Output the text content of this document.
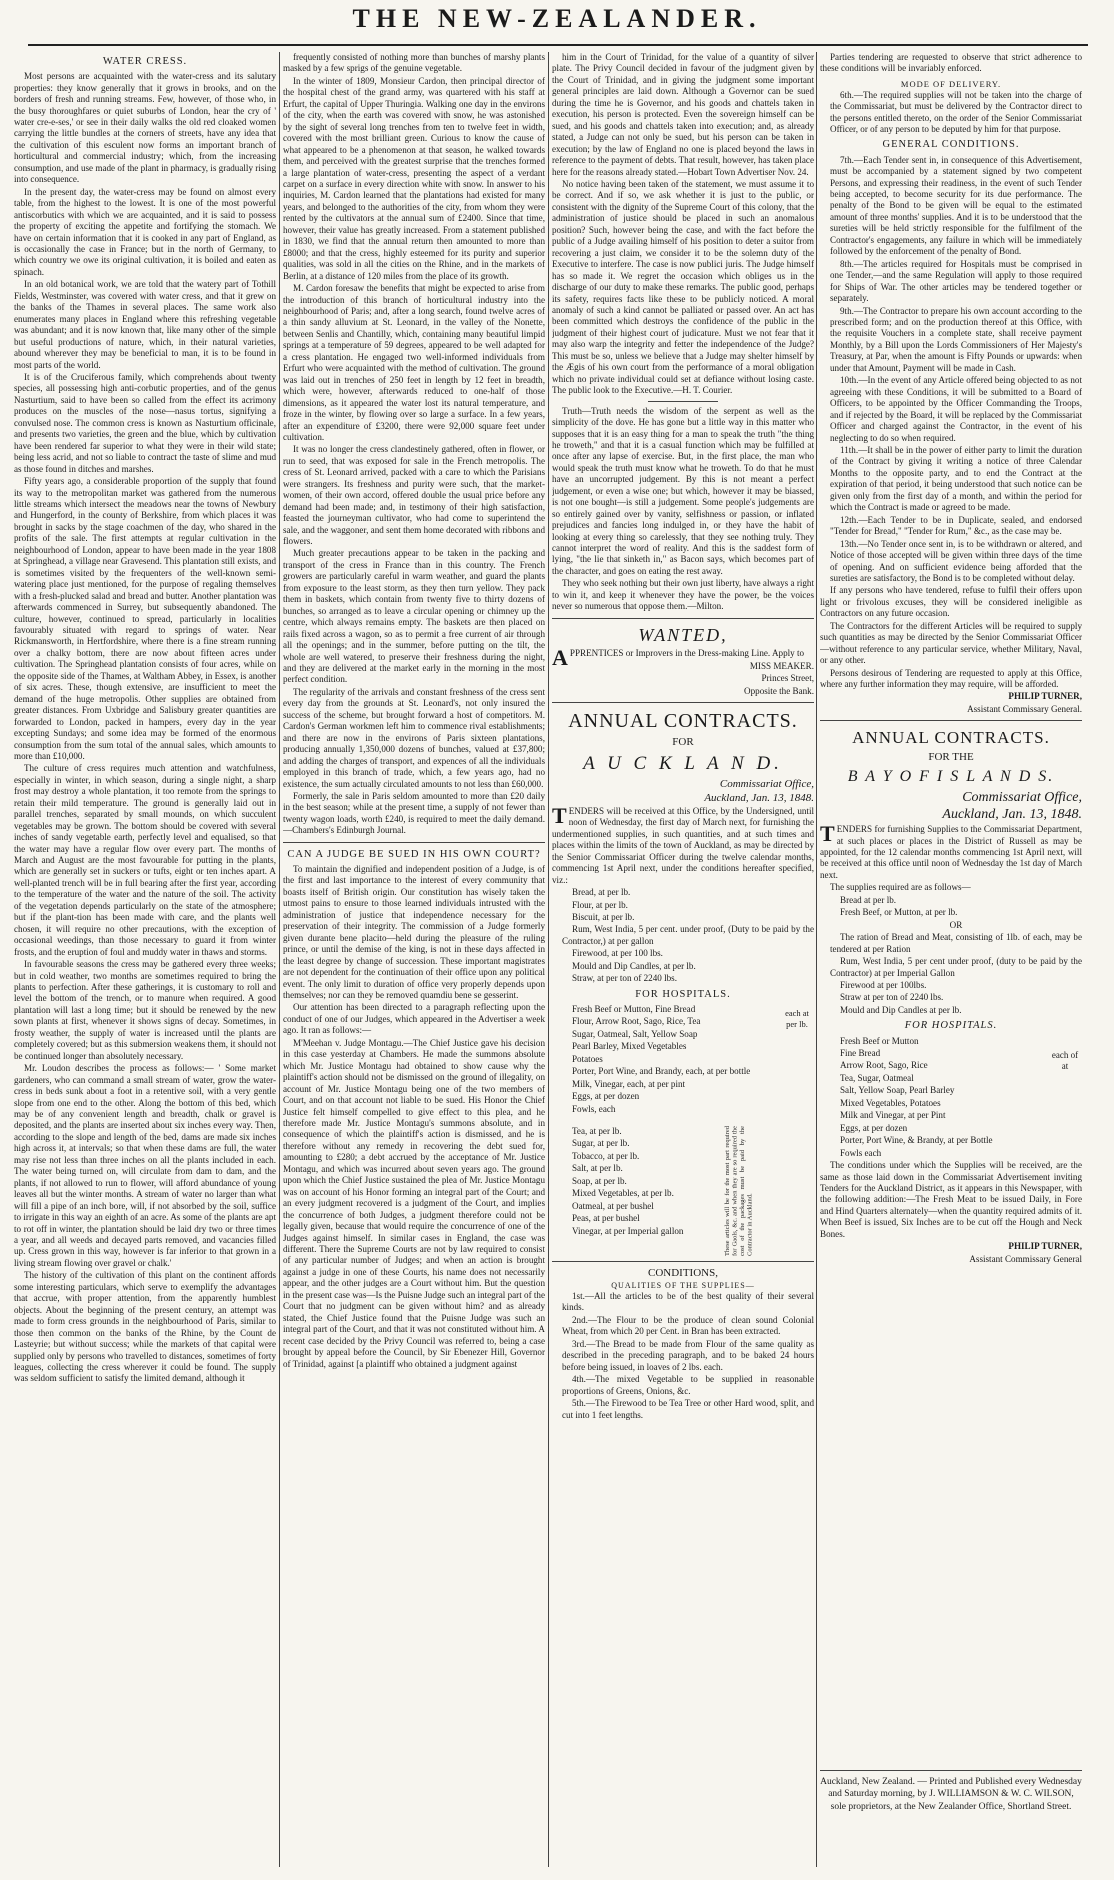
THE NEW-ZEALANDER.
WATER CRESS.

Most persons are acquainted with the water-cress and its salutary properties: they know generally that it grows in brooks, and on the borders of fresh and running streams. Few, however, of those who, in the busy thoroughfares or quiet suburbs of London, hear the cry of ' water cre-e-ses,' or see in their daily walks the old red cloaked women carrying the little bundles at the corners of streets, have any idea that the cultivation of this esculent now forms an important branch of horticultural and commercial industry; which, from the increasing consumption, and use made of the plant in pharmacy, is gradually rising into consequence.

In the present day, the water-cress may be found on almost every table, from the highest to the lowest. It is one of the most powerful antiscorbutics with which we are acquainted, and it is said to possess the property of exciting the appetite and fortifying the stomach. We have on certain information that it is cooked in any part of England, as is occasionally the case in France; but in the north of Germany, to which country we owe its original cultivation, it is boiled and eaten as spinach.

In an old botanical work, we are told that the watery part of Tothill Fields, Westminster, was covered with water cress, and that it grew on the banks of the Thames in several places. The same work also enumerates many places in England where this refreshing vegetable was abundant; and it is now known that, like many other of the simple but useful productions of nature, which, in their natural varieties, abound wherever they may be beneficial to man, it is to be found in most parts of the world.

It is of the Cruciferous family, which comprehends about twenty species, all possessing high anti-corbutic properties, and of the genus Nasturtium, said to have been so called from the effect its acrimony produces on the muscles of the nose—nasus tortus, signifying a convulsed nose. The common cress is known as Nasturtium officinale, and presents two varieties, the green and the blue, which by cultivation have been rendered far superior to what they were in their wild state; being less acrid, and not so liable to contract the taste of slime and mud as those found in ditches and marshes.

Fifty years ago, a considerable proportion of the supply that found its way to the metropolitan market was gathered from the numerous little streams which intersect the meadows near the towns of Newbury and Hungerford, in the county of Berkshire, from which places it was brought in sacks by the stage coachmen of the day, who shared in the profits of the sale. The first attempts at regular cultivation in the neighbourhood of London, appear to have been made in the year 1808 at Springhead, a village near Gravesend. This plantation still exists, and is sometimes visited by the frequenters of the well-known semi-watering place just mentioned, for the purpose of regaling themselves with a fresh-plucked salad and bread and butter. Another plantation was afterwards commenced in Surrey, but subsequently abandoned. The culture, however, continued to spread, particularly in localities favourably situated with regard to springs of water. Near Rickmansworth, in Hertfordshire, where there is a fine stream running over a chalky bottom, there are now about fifteen acres under cultivation. The Springhead plantation consists of four acres, while on the opposite side of the Thames, at Waltham Abbey, in Essex, is another of six acres. These, though extensive, are insufficient to meet the demand of the huge metropolis. Other supplies are obtained from greater distances. From Uxbridge and Salisbury greater quantities are forwarded to London, packed in hampers, every day in the year excepting Sundays; and some idea may be formed of the enormous consumption from the sum total of the annual sales, which amounts to more than £10,000.

The culture of cress requires much attention and watchfulness, especially in winter, in which season, during a single night, a sharp frost may destroy a whole plantation, it too remote from the springs to retain their mild temperature. The ground is generally laid out in parallel trenches, separated by small mounds, on which succulent vegetables may be grown. The bottom should be covered with several inches of sandy vegetable earth, perfectly level and equalised, so that the water may have a regular flow over every part. The months of March and August are the most favourable for putting in the plants, which are generally set in suckers or tufts, eight or ten inches apart. A well-planted trench will be in full bearing after the first year, according to the temperature of the water and the nature of the soil. The activity of the vegetation depends particularly on the state of the atmosphere; but if the plant-tion has been made with care, and the plants well chosen, it will require no other precautions, with the exception of occasional weedings, than those necessary to guard it from winter frosts, and the eruption of foul and muddy water in thaws and storms.

In favourable seasons the cress may be gathered every three weeks; but in cold weather, two months are sometimes required to bring the plants to perfection. After these gatherings, it is customary to roll and level the bottom of the trench, or to manure when required. A good plantation will last a long time; but it should be renewed by the new sown plants at first, whenever it shows signs of decay. Sometimes, in frosty weather, the supply of water is increased until the plants are completely covered; but as this submersion weakens them, it should not be continued longer than absolutely necessary.

Mr. Loudon describes the process as follows:— ' Some market gardeners, who can command a small stream of water, grow the water-cress in beds sunk about a foot in a retentive soil, with a very gentle slope from one end to the other. Along the bottom of this bed, which may be of any convenient length and breadth, chalk or gravel is deposited, and the plants are inserted about six inches every way. Then, according to the slope and length of the bed, dams are made six inches high across it, at intervals; so that when these dams are full, the water may rise not less than three inches on all the plants included in each. The water being turned on, will circulate from dam to dam, and the plants, if not allowed to run to flower, will afford abundance of young leaves all but the winter months. A stream of water no larger than what will fill a pipe of an inch bore, will, if not absorbed by the soil, suffice to irrigate in this way an eighth of an acre. As some of the plants are apt to rot off in winter, the plantation should be laid dry two or three times a year, and all weeds and decayed parts removed, and vacancies filled up. Cress grown in this way, however is far inferior to that grown in a living stream flowing over gravel or chalk.'

The history of the cultivation of this plant on the continent affords some interesting particulars, which serve to exemplify the advantages that accrue, with proper attention, from the apparently humblest objects. About the beginning of the present century, an attempt was made to form cress grounds in the neighbourhood of Paris, similar to those then common on the banks of the Rhine, by the Count de Lasteyrie; but without success; while the markets of that capital were supplied only by persons who travelled to distances, sometimes of forty leagues, collecting the cress wherever it could be found. The supply was seldom sufficient to satisfy the limited demand, although it

frequently consisted of nothing more than bunches of marshy plants masked by a few sprigs of the genuine vegetable.

In the winter of 1809, Monsieur Cardon, then principal director of the hospital chest of the grand army, was quartered with his staff at Erfurt, the capital of Upper Thuringia. Walking one day in the environs of the city, when the earth was covered with snow, he was astonished by the sight of several long trenches from ten to twelve feet in width, covered with the most brilliant green. Curious to know the cause of what appeared to be a phenomenon at that season, he walked towards them, and perceived with the greatest surprise that the trenches formed a large plantation of water-cress, presenting the aspect of a verdant carpet on a surface in every direction white with snow. In answer to his inquiries, M. Cardon learned that the plantations had existed for many years, and belonged to the authorities of the city, from whom they were rented by the cultivators at the annual sum of £2400. Since that time, however, their value has greatly increased. From a statement published in 1830, we find that the annual return then amounted to more than £8000; and that the cress, highly esteemed for its purity and superior qualities, was sold in all the cities on the Rhine, and in the markets of Berlin, at a distance of 120 miles from the place of its growth.

M. Cardon foresaw the benefits that might be expected to arise from the introduction of this branch of horticultural industry into the neighbourhood of Paris; and, after a long search, found twelve acres of a thin sandy alluvium at St. Leonard, in the valley of the Nonette, between Senlis and Chantilly, which, containing many beautiful limpid springs at a temperature of 59 degrees, appeared to be well adapted for a cress plantation. He engaged two well-informed individuals from Erfurt who were acquainted with the method of cultivation. The ground was laid out in trenches of 250 feet in length by 12 feet in breadth, which were, however, afterwards reduced to one-half of those dimensions, as it appeared the water lost its natural temperature, and froze in the winter, by flowing over so large a surface. In a few years, after an expenditure of £3200, there were 92,000 square feet under cultivation.

It was no longer the cress clandestinely gathered, often in flower, or run to seed, that was exposed for sale in the French metropolis. The cress of St. Leonard arrived, packed with a care to which the Parisians were strangers. Its freshness and purity were such, that the market-women, of their own accord, offered double the usual price before any demand had been made; and, in testimony of their high satisfaction, feasted the journeyman cultivator, who had come to superintend the sale, and the waggoner, and sent them home decorated with ribbons and flowers.

Much greater precautions appear to be taken in the packing and transport of the cress in France than in this country. The French growers are particularly careful in warm weather, and guard the plants from exposure to the least storm, as they then turn yellow. They pack them in baskets, which contain from twenty five to thirty dozens of bunches, so arranged as to leave a circular opening or chimney up the centre, which always remains empty. The baskets are then placed on rails fixed across a wagon, so as to permit a free current of air through all the openings; and in the summer, before putting on the tilt, the whole are well watered, to preserve their freshness during the night, and they are delivered at the market early in the morning in the most perfect condition.

The regularity of the arrivals and constant freshness of the cress sent every day from the grounds at St. Leonard's, not only insured the success of the scheme, but brought forward a host of competitors. M. Cardon's German workmen left him to commence rival establishments; and there are now in the environs of Paris sixteen plantations, producing annually 1,350,000 dozens of bunches, valued at £37,800; and adding the charges of transport, and expences of all the individuals employed in this branch of trade, which, a few years ago, had no existence, the sum actually circulated amounts to not less than £60,000.

Formerly, the sale in Paris seldom amounted to more than £20 daily in the best season; while at the present time, a supply of not fewer than twenty wagon loads, worth £240, is required to meet the daily demand.—Chambers's Edinburgh Journal.

CAN A JUDGE BE SUED IN HIS OWN COURT?

To maintain the dignified and independent position of a Judge, is of the first and last importance to the interest of every community that boasts itself of British origin. Our constitution has wisely taken the utmost pains to ensure to those learned individuals intrusted with the administration of justice that independence necessary for the preservation of their integrity. The commission of a Judge formerly given durante bene placito—held during the pleasure of the ruling prince, or until the demise of the king, is not in these days affected in the least degree by change of succession. These important magistrates are not dependent for the continuation of their office upon any political event. The only limit to duration of office very properly depends upon themselves; nor can they be removed quamdiu bene se gesserint.

Our attention has been directed to a paragraph reflecting upon the conduct of one of our Judges, which appeared in the Advertiser a week ago. It ran as follows:—

M'Meehan v. Judge Montagu.—The Chief Justice gave his decision in this case yesterday at Chambers. He made the summons absolute which Mr. Justice Montagu had obtained to show cause why the plaintiff's action should not be dismissed on the ground of illegality, on account of Mr. Justice Montagu being one of the two members of Court, and on that account not liable to be sued. His Honor the Chief Justice felt himself compelled to give effect to this plea, and he therefore made Mr. Justice Montagu's summons absolute, and in consequence of which the plaintiff's action is dismissed, and he is therefore without any remedy in recovering the debt sued for, amounting to £280; a debt accrued by the acceptance of Mr. Justice Montagu, and which was incurred about seven years ago. The ground upon which the Chief Justice sustained the plea of Mr. Justice Montagu was on account of his Honor forming an integral part of the Court; and an every judgment recovered is a judgment of the Court, and implies the concurrence of both Judges, a judgment therefore could not be legally given, because that would require the concurrence of one of the Judges against himself. In similar cases in England, the case was different. There the Supreme Courts are not by law required to consist of any particular number of Judges; and when an action is brought against a judge in one of these Courts, his name does not necessarily appear, and the other judges are a Court without him. But the question in the present case was—Is the Puisne Judge such an integral part of the Court that no judgment can be given without him? and as already stated, the Chief Justice found that the Puisne Judge was such an integral part of the Court, and that it was not constituted without him. A recent case decided by the Privy Council was referred to, being a case brought by appeal before the Council, by Sir Ebenezer Hill, Governor of Trinidad, against [a plaintiff who obtained a judgment against

him in the Court of Trinidad, for the value of a quantity of silver plate. The Privy Council decided in favour of the judgment given by the Court of Trinidad, and in giving the judgment some important general principles are laid down. Although a Governor can be sued during the time he is Governor, and his goods and chattels taken in execution, his person is protected. Even the sovereign himself can be sued, and his goods and chattels taken into execution; and, as already stated, a Judge can not only be sued, but his person can be taken in execution; by the law of England no one is placed beyond the laws in reference to the payment of debts. That result, however, has taken place here for the reasons already stated.—Hobart Town Advertiser Nov. 24.

No notice having been taken of the statement, we must assume it to be correct. And if so, we ask whether it is just to the public, or consistent with the dignity of the Supreme Court of this colony, that the administration of justice should be placed in such an anomalous position? Such, however being the case, and with the fact before the public of a Judge availing himself of his position to deter a suitor from recovering a just claim, we consider it to be the solemn duty of the Executive to interfere. The case is now publici juris. The Judge himself has so made it. We regret the occasion which obliges us in the discharge of our duty to make these remarks. The public good, perhaps its safety, requires facts like these to be publicly noticed. A moral anomaly of such a kind cannot be palliated or passed over. An act has been committed which destroys the confidence of the public in the judgment of their highest court of judicature. Must we not fear that it may also warp the integrity and fetter the independence of the Judge? This must be so, unless we believe that a Judge may shelter himself by the Ægis of his own court from the performance of a moral obligation which no private individual could set at defiance without losing caste. The public look to the Executive.—H. T. Courier.

Truth—Truth needs the wisdom of the serpent as well as the simplicity of the dove. He has gone but a little way in this matter who supposes that it is an easy thing for a man to speak the truth "the thing he troweth," and that it is a casual function which may be fulfilled at once after any lapse of exercise. But, in the first place, the man who would speak the truth must know what he troweth. To do that he must have an uncorrupted judgement. By this is not meant a perfect judgement, or even a wise one; but which, however it may be biassed, is not one bought—is still a judgement. Some people's judgements are so entirely gained over by vanity, selfishness or passion, or inflated prejudices and fancies long indulged in, or they have the habit of looking at every thing so carelessly, that they see nothing truly. They cannot interpret the word of reality. And this is the saddest form of lying, "the lie that sinketh in," as Bacon says, which becomes part of the character, and goes on eating the rest away.

They who seek nothing but their own just liberty, have always a right to win it, and keep it whenever they have the power, be the voices never so numerous that oppose them.—Milton.

WANTED,

APPRENTICES or Improvers in the Dress-making Line. Apply to

MISS MEAKER.

Princes Street,

Opposite the Bank.

ANNUAL CONTRACTS.
FOR
A U C K L A N D.
Commissariat Office,
Auckland, Jan. 13, 1848.

TENDERS will be received at this Office, by the Undersigned, until noon of Wednesday, the first day of March next, for furnishing the undermentioned supplies, in such quantities, and at such times and places within the limits of the town of Auckland, as may be directed by the Senior Commissariat Officer during the twelve calendar months, commencing 1st April next, under the conditions hereafter specified, viz.:

Bread, at per lb.

Flour, at per lb.

Biscuit, at per lb.

Rum, West India, 5 per cent. under proof, (Duty to be paid by the Contractor,) at per gallon

Firewood, at per 100 lbs.

Mould and Dip Candles, at per lb.

Straw, at per ton of 2240 lbs.

FOR HOSPITALS.

Fresh Beef or Mutton, Fine Bread

Flour, Arrow Root, Sago, Rice, Tea

Sugar, Oatmeal, Salt, Yellow Soap

Pearl Barley, Mixed Vegetables

Potatoes

Porter, Port Wine, and Brandy, each, at per bottle

Milk, Vinegar, each, at per pint

Eggs, at per dozen

Fowls, each

each at per lb.

Tea, at per lb.

Sugar, at per lb.

Tobacco, at per lb.

Salt, at per lb.

Soap, at per lb.

Mixed Vegetables, at per lb.

Oatmeal, at per bushel

Peas, at per bushel

Vinegar, at per Imperial gallon	These articles will be for the most part required for Gaols, &c. and when they are so required the cost of the packages must be paid by the Contractor in Auckland.
CONDITIONS,
QUALITIES OF THE SUPPLIES—

1st.—All the articles to be of the best quality of their several kinds.

2nd.—The Flour to be the produce of clean sound Colonial Wheat, from which 20 per Cent. in Bran has been extracted.

3rd.—The Bread to be made from Flour of the same quality as described in the preceding paragraph, and to be baked 24 hours before being issued, in loaves of 2 lbs. each.

4th.—The mixed Vegetable to be supplied in reasonable proportions of Greens, Onions, &c.

5th.—The Firewood to be Tea Tree or other Hard wood, split, and cut into 1 feet lengths.

Parties tendering are requested to observe that strict adherence to these conditions will be invariably enforced.

MODE OF DELIVERY.

6th.—The required supplies will not be taken into the charge of the Commissariat, but must be delivered by the Contractor direct to the persons entitled thereto, on the order of the Senior Commissariat Officer, or of any person to be deputed by him for that purpose.

GENERAL CONDITIONS.

7th.—Each Tender sent in, in consequence of this Advertisement, must be accompanied by a statement signed by two competent Persons, and expressing their readiness, in the event of such Tender being accepted, to become security for its due performance. The penalty of the Bond to be given will be equal to the estimated amount of three months' supplies. And it is to be understood that the sureties will be held strictly responsible for the fulfilment of the Contractor's engagements, any failure in which will be immediately followed by the enforcement of the penalty of Bond.

8th.—The articles required for Hospitals must be comprised in one Tender,—and the same Regulation will apply to those required for Ships of War. The other articles may be tendered together or separately.

9th.—The Contractor to prepare his own account according to the prescribed form; and on the production thereof at this Office, with the requisite Vouchers in a complete state, shall receive payment Monthly, by a Bill upon the Lords Commissioners of Her Majesty's Treasury, at Par, when the amount is Fifty Pounds or upwards: when under that Amount, Payment will be made in Cash.

10th.—In the event of any Article offered being objected to as not agreeing with these Conditions, it will be submitted to a Board of Officers, to be appointed by the Officer Commanding the Troops, and if rejected by the Board, it will be replaced by the Commissariat Officer and charged against the Contractor, in the event of his neglecting to do so when required.

11th.—It shall be in the power of either party to limit the duration of the Contract by giving it writing a notice of three Calendar Months to the opposite party, and to end the Contract at the expiration of that period, it being understood that such notice can be given only from the first day of a month, and within the period for which the Contract is made or agreed to be made.

12th.—Each Tender to be in Duplicate, sealed, and endorsed "Tender for Bread," "Tender for Rum," &c., as the case may be.

13th.—No Tender once sent in, is to be withdrawn or altered, and Notice of those accepted will be given within three days of the time of opening. And on sufficient evidence being afforded that the sureties are satisfactory, the Bond is to be completed without delay.

If any persons who have tendered, refuse to fulfil their offers upon light or frivolous excuses, they will be considered ineligible as Contractors on any future occasion.

The Contractors for the different Articles will be required to supply such quantities as may be directed by the Senior Commissariat Officer—without reference to any particular service, whether Military, Naval, or any other.

Persons desirous of Tendering are requested to apply at this Office, where any further information they may require, will be afforded.

PHILIP TURNER,

Assistant Commissary General.

ANNUAL CONTRACTS.
FOR THE
B A Y O F I S L A N D S.
Commissariat Office,
Auckland, Jan. 13, 1848.

TENDERS for furnishing Supplies to the Commissariat Department, at such places or places in the District of Russell as may be appointed, for the 12 calendar months commencing 1st April next, will be received at this office until noon of Wednesday the 1st day of March next.

The supplies required are as follows—

Bread at per lb.

Fresh Beef, or Mutton, at per lb.

OR

The ration of Bread and Meat, consisting of 1lb. of each, may be tendered at per Ration

Rum, West India, 5 per cent under proof, (duty to be paid by the Contractor) at per Imperial Gallon

Firewood at per 100lbs.

Straw at per ton of 2240 lbs.

Mould and Dip Candles at per lb.

FOR HOSPITALS.

Fresh Beef or Mutton

Fine Bread

Arrow Root, Sago, Rice

Tea, Sugar, Oatmeal

Salt, Yellow Soap, Pearl Barley

Mixed Vegetables, Potatoes

Milk and Vinegar, at per Pint

Eggs, at per dozen

Porter, Port Wine, & Brandy, at per Bottle

Fowls each

each of at

The conditions under which the Supplies will be received, are the same as those laid down in the Commissariat Advertisement inviting Tenders for the Auckland District, as it appears in this Newspaper, with the following addition:—The Fresh Meat to be issued Daily, in Fore and Hind Quarters alternately—when the quantity required admits of it. When Beef is issued, Six Inches are to be cut off the Hough and Neck Bones.

PHILIP TURNER,

Assistant Commissary General

Auckland, New Zealand. — Printed and Published every Wednesday and Saturday morning, by J. WILLIAMSON & W. C. WILSON, sole proprietors, at the New Zealander Office, Shortland Street.
